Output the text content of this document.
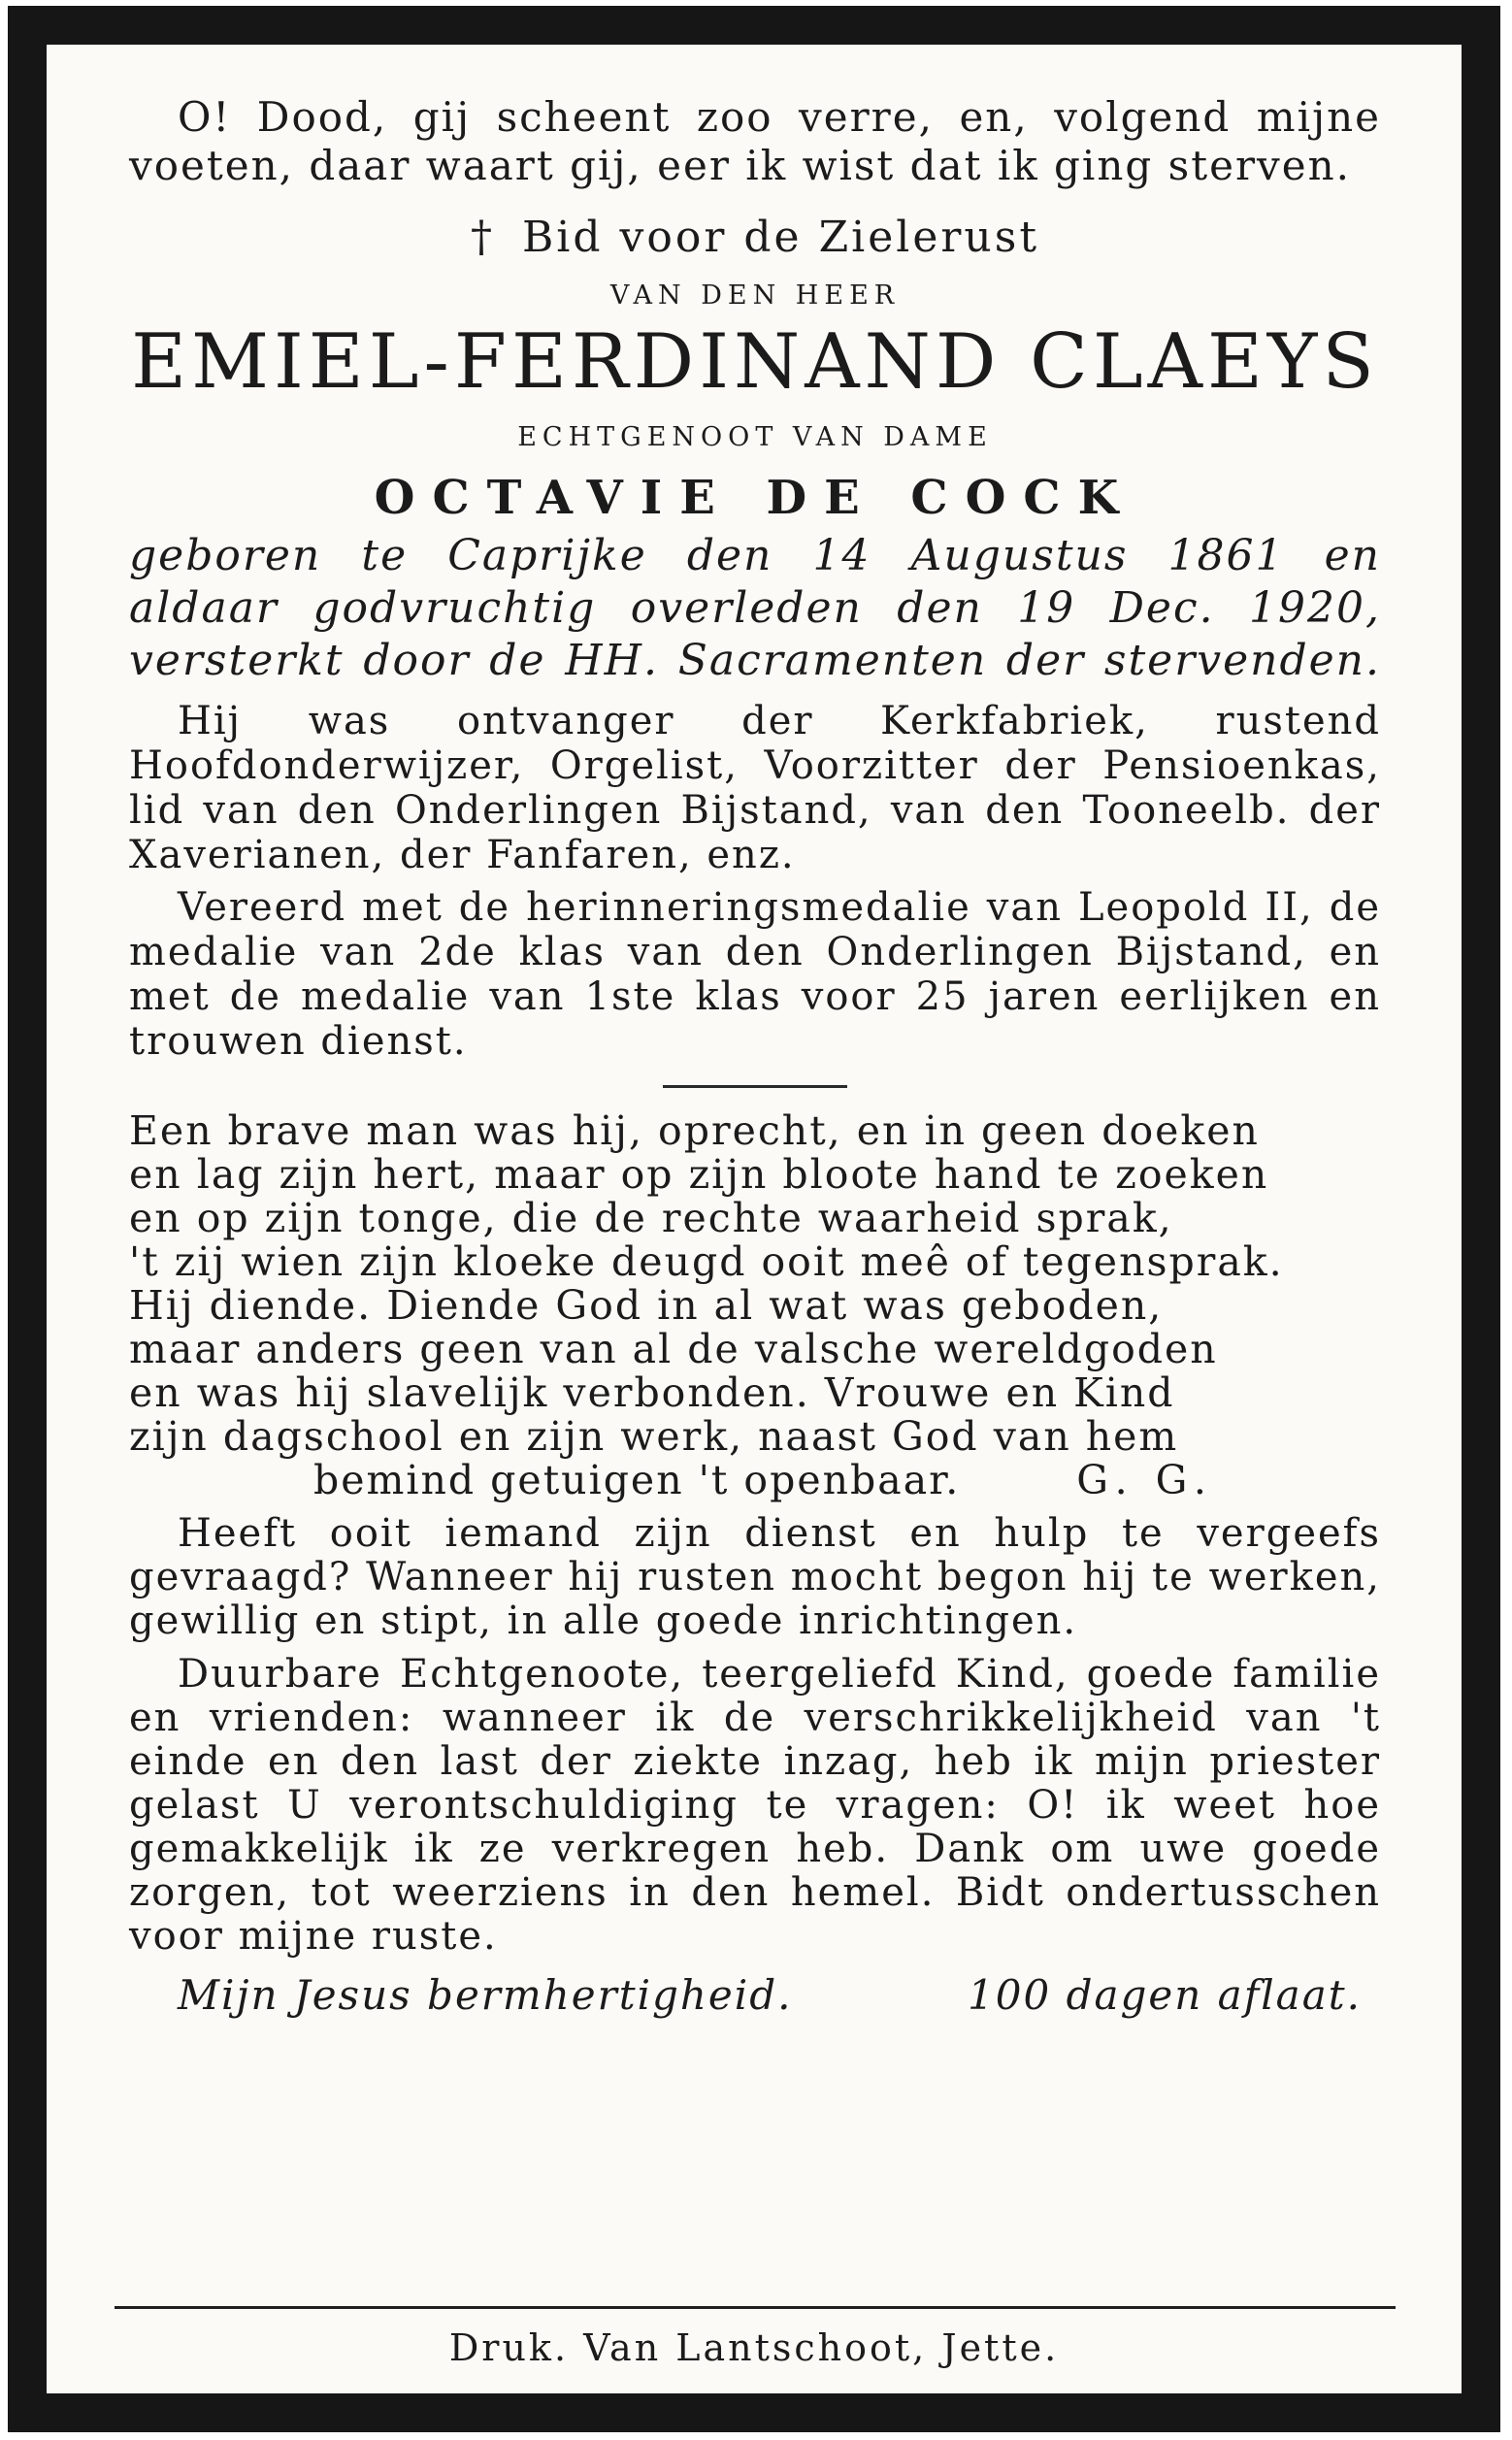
O! Dood, gij scheent zoo verre, en, volgend mijne voeten, daar waart gij, eer ik wist dat ik ging sterven.

† Bid voor de Zielerust

VAN DEN HEER

EMIEL-FERDINAND CLAEYS

ECHTGENOOT VAN DAME

OCTAVIE DE COCK

geboren te Caprijke den 14 Augustus 1861 en

aldaar godvruchtig overleden den 19 Dec. 1920,

versterkt door de HH. Sacramenten der stervenden.

Hij was ontvanger der Kerkfabriek, rustend Hoofdonderwijzer, Orgelist, Voorzitter der Pensioenkas, lid van den Onderlingen Bijstand, van den Tooneelb. der Xaverianen, der Fanfaren, enz.

Vereerd met de herinneringsmedalie van Leopold II, de medalie van 2de klas van den Onderlingen Bijstand, en met de medalie van 1ste klas voor 25 jaren eerlijken en trouwen dienst.

Een brave man was hij, oprecht, en in geen doeken
en lag zijn hert, maar op zijn bloote hand te zoeken
en op zijn tonge, die de rechte waarheid sprak,
't zij wien zijn kloeke deugd ooit meê of tegensprak.
Hij diende. Diende God in al wat was geboden,
maar anders geen van al de valsche wereldgoden
en was hij slavelijk verbonden. Vrouwe en Kind
zijn dagschool en zijn werk, naast God van hem
bemind getuigen 't openbaar.	G. G.

Heeft ooit iemand zijn dienst en hulp te vergeefs gevraagd? Wanneer hij rusten mocht begon hij te werken, gewillig en stipt, in alle goede inrichtingen.

Duurbare Echtgenoote, teergeliefd Kind, goede familie en vrienden: wanneer ik de verschrikkelijkheid van 't einde en den last der ziekte inzag, heb ik mijn priester gelast U verontschuldiging te vragen: O! ik weet hoe gemakkelijk ik ze verkregen heb. Dank om uwe goede zorgen, tot weerziens in den hemel. Bidt ondertusschen voor mijne ruste.

Mijn Jesus bermhertigheid.	100 dagen aflaat.

Druk. Van Lantschoot, Jette.
